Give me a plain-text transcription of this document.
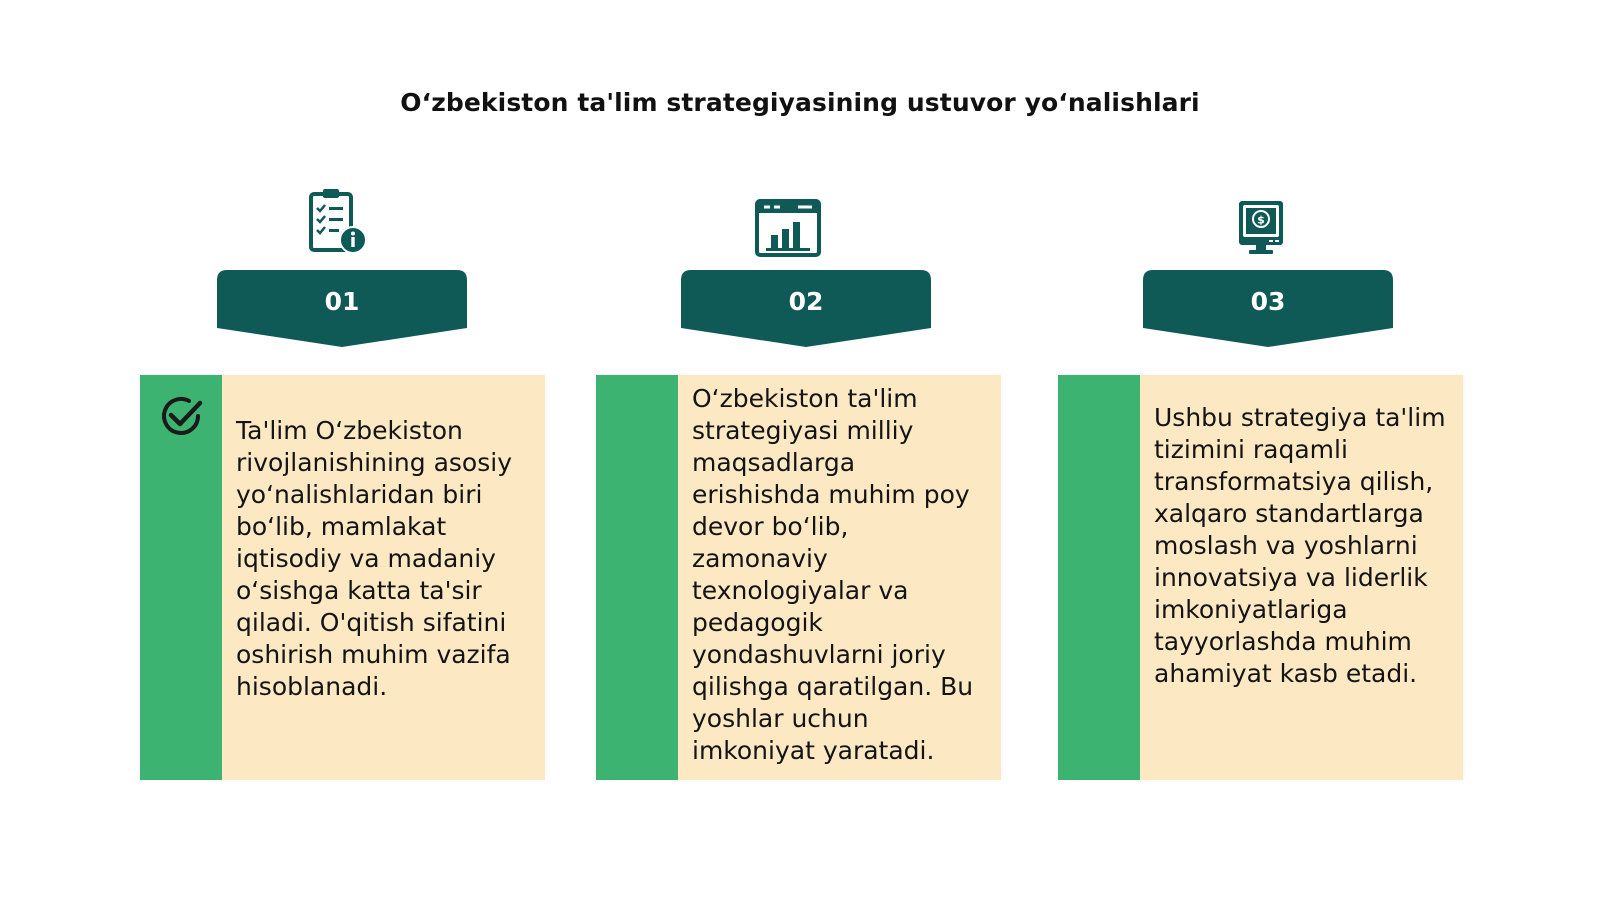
O‘zbekiston ta'lim strategiyasining ustuvor yo‘nalishlari
01
Ta'lim O‘zbekiston rivojlanishining asosiy yo‘nalishlaridan biri bo‘lib, mamlakat iqtisodiy va madaniy o‘sishga katta ta'sir qiladi. O'qitish sifatini oshirish muhim vazifa hisoblanadi.
02
O‘zbekiston ta'lim strategiyasi milliy maqsadlarga erishishda muhim poy devor bo‘lib, zamonaviy texnologiyalar va pedagogik yondashuvlarni joriy qilishga qaratilgan. Bu yoshlar uchun imkoniyat yaratadi.
$
03
Ushbu strategiya ta'lim tizimini raqamli transformatsiya qilish, xalqaro standartlarga moslash va yoshlarni innovatsiya va liderlik imkoniyatlariga tayyorlashda muhim ahamiyat kasb etadi.
